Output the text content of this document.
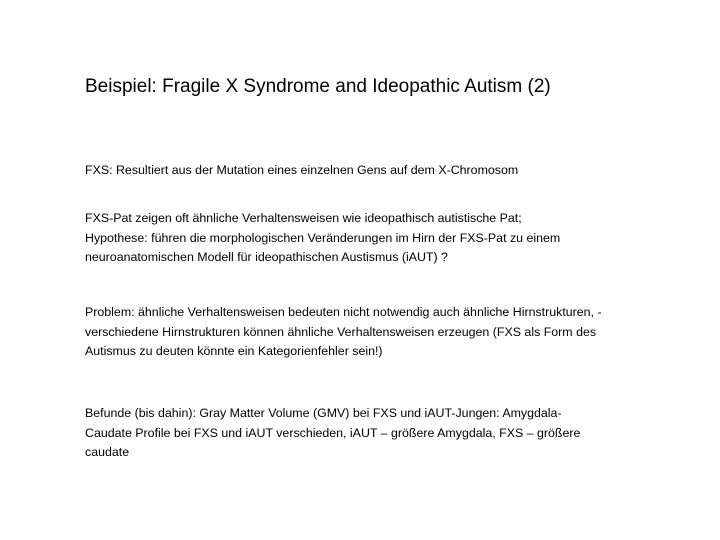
Beispiel: Fragile X Syndrome and Ideopathic Autism (2)

FXS: Resultiert aus der Mutation eines einzelnen Gens auf dem X-Chromosom

FXS-Pat zeigen oft ähnliche Verhaltensweisen wie ideopathisch autistische Pat;
Hypothese: führen die morphologischen Veränderungen im Hirn der FXS-Pat zu einem
neuroanatomischen Modell für ideopathischen Austismus (iAUT) ?

Problem: ähnliche Verhaltensweisen bedeuten nicht notwendig auch ähnliche Hirnstrukturen, -
verschiedene Hirnstrukturen können ähnliche Verhaltensweisen erzeugen (FXS als Form des
Autismus zu deuten könnte ein Kategorienfehler sein!)

Befunde (bis dahin): Gray Matter Volume (GMV) bei FXS und iAUT-Jungen: Amygdala-
Caudate Profile bei FXS und iAUT verschieden, iAUT – größere Amygdala, FXS – größere
caudate
